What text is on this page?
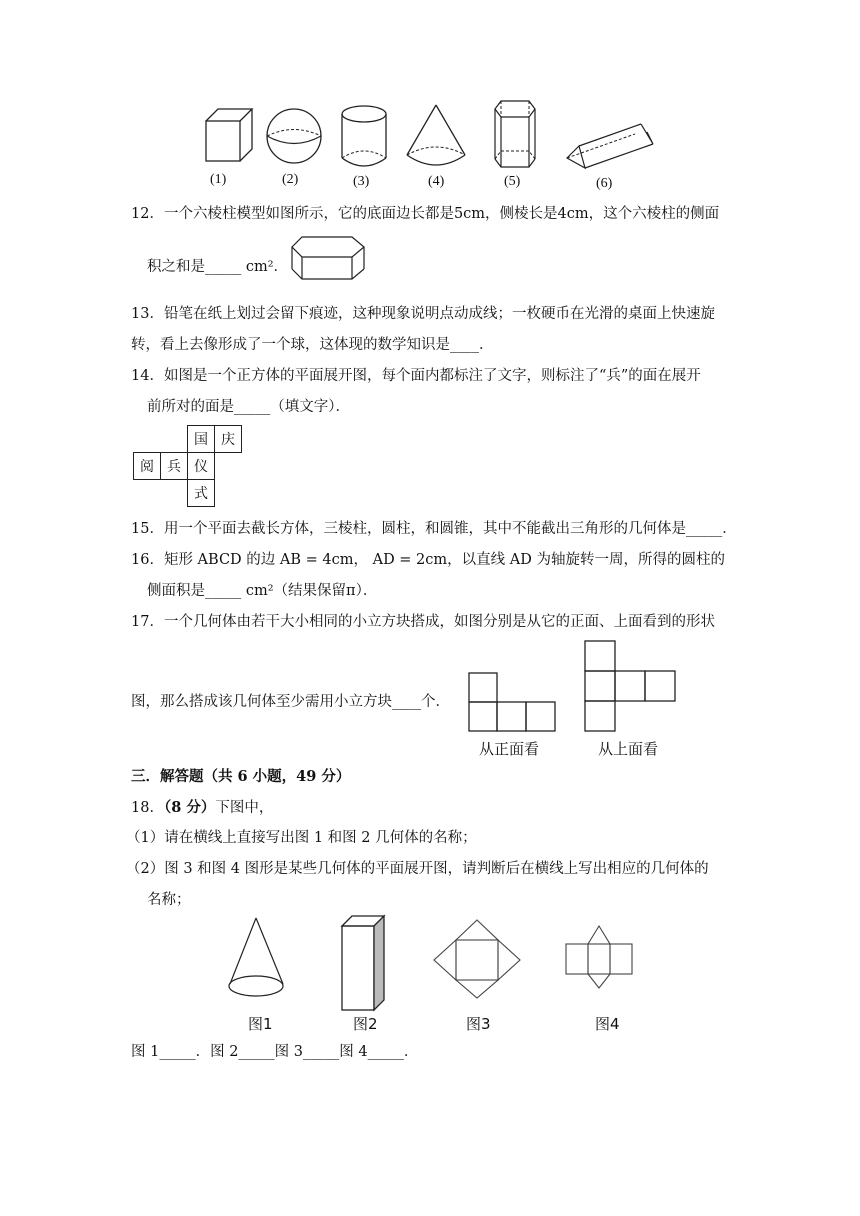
(1)	(2)	(3)	(4)	(5)	(6)
12．一个六棱柱模型如图所示，它的底面边长都是5cm，侧棱长是4cm，这个六棱柱的侧面
积之和是_____ cm²．
13．铅笔在纸上划过会留下痕迹，这种现象说明点动成线；一枚硬币在光滑的桌面上快速旋
转，看上去像形成了一个球，这体现的数学知识是____．
14．如图是一个正方体的平面展开图，每个面内都标注了文字，则标注了“兵”的面在展开
前所对的面是_____（填文字）．
		国	庆
阅	兵	仪	
		式	
15．用一个平面去截长方体，三棱柱，圆柱，和圆锥，其中不能截出三角形的几何体是_____．
16．矩形 ABCD 的边 AB = 4cm， AD = 2cm，以直线 AD 为轴旋转一周，所得的圆柱的
侧面积是_____ cm²（结果保留π）．
17．一个几何体由若干大小相同的小立方块搭成，如图分别是从它的正面、上面看到的形状
图，那么搭成该几何体至少需用小立方块____个．
从正面看	从上面看
三．解答题（共 6 小题，49 分）
18．（8 分）下图中，
（1）请在横线上直接写出图 1 和图 2 几何体的名称；
（2）图 3 和图 4 图形是某些几何体的平面展开图，请判断后在横线上写出相应的几何体的
名称；
图1	图2	图3	图4
图 1_____．图 2_____图 3_____图 4_____．
